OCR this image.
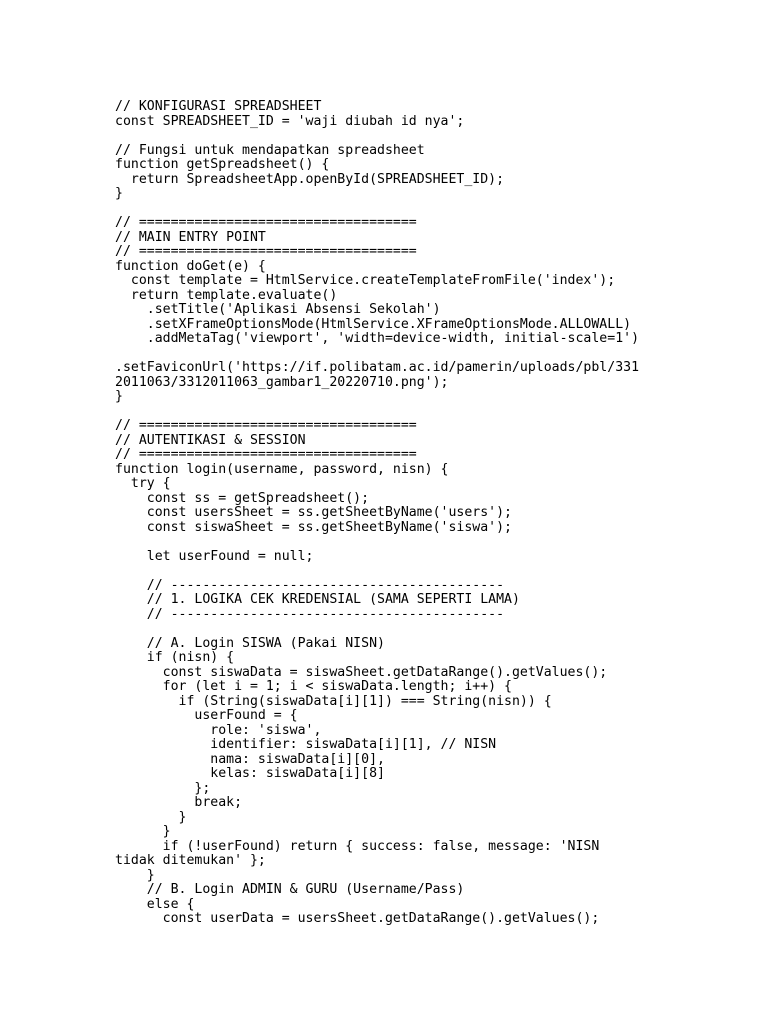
// KONFIGURASI SPREADSHEET
const SPREADSHEET_ID = 'waji diubah id nya';
// Fungsi untuk mendapatkan spreadsheet
function getSpreadsheet() {
return SpreadsheetApp.openById(SPREADSHEET_ID);
}
// ===================================
// MAIN ENTRY POINT
// ===================================
function doGet(e) {
const template = HtmlService.createTemplateFromFile('index');
return template.evaluate()
.setTitle('Aplikasi Absensi Sekolah')
.setXFrameOptionsMode(HtmlService.XFrameOptionsMode.ALLOWALL)
.addMetaTag('viewport', 'width=device-width, initial-scale=1')
.setFaviconUrl('https://if.polibatam.ac.id/pamerin/uploads/pbl/331
2011063/3312011063_gambar1_20220710.png');
}
// ===================================
// AUTENTIKASI & SESSION
// ===================================
function login(username, password, nisn) {
try {
const ss = getSpreadsheet();
const usersSheet = ss.getSheetByName('users');
const siswaSheet = ss.getSheetByName('siswa');
let userFound = null;
// ------------------------------------------
// 1. LOGIKA CEK KREDENSIAL (SAMA SEPERTI LAMA)
// ------------------------------------------
// A. Login SISWA (Pakai NISN)
if (nisn) {
const siswaData = siswaSheet.getDataRange().getValues();
for (let i = 1; i < siswaData.length; i++) {
if (String(siswaData[i][1]) === String(nisn)) {
userFound = {
role: 'siswa',
identifier: siswaData[i][1], // NISN
nama: siswaData[i][0],
kelas: siswaData[i][8]
};
break;
}
}
if (!userFound) return { success: false, message: 'NISN
tidak ditemukan' };
}
// B. Login ADMIN & GURU (Username/Pass)
else {
const userData = usersSheet.getDataRange().getValues();
